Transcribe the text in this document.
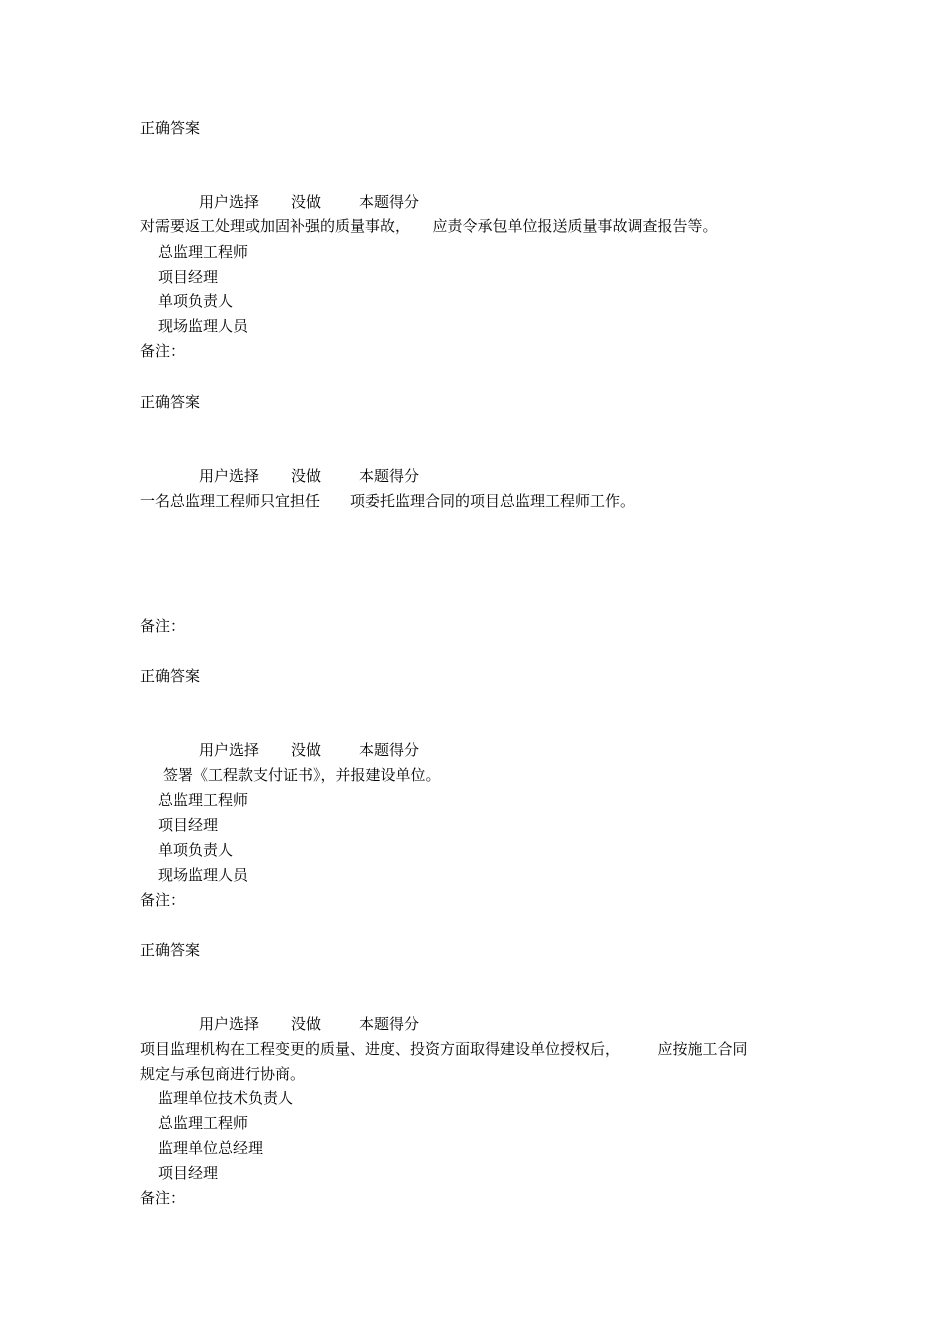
正确答案
用户选择 没做	本题得分
对需要返工处理或加固补强的质量事故，　　应责令承包单位报送质量事故调查报告等。
总监理工程师
项目经理
单项负责人
现场监理人员
备注：
正确答案
用户选择 没做	本题得分
一名总监理工程师只宜担任　　项委托监理合同的项目总监理工程师工作。
备注：
正确答案
用户选择 没做	本题得分
签署《工程款支付证书》，并报建设单位。
总监理工程师
项目经理
单项负责人
现场监理人员
备注：
正确答案
用户选择 没做	本题得分
项目监理机构在工程变更的质量、进度、投资方面取得建设单位授权后，　　　应按施工合同
规定与承包商进行协商。
监理单位技术负责人
总监理工程师
监理单位总经理
项目经理
备注：
